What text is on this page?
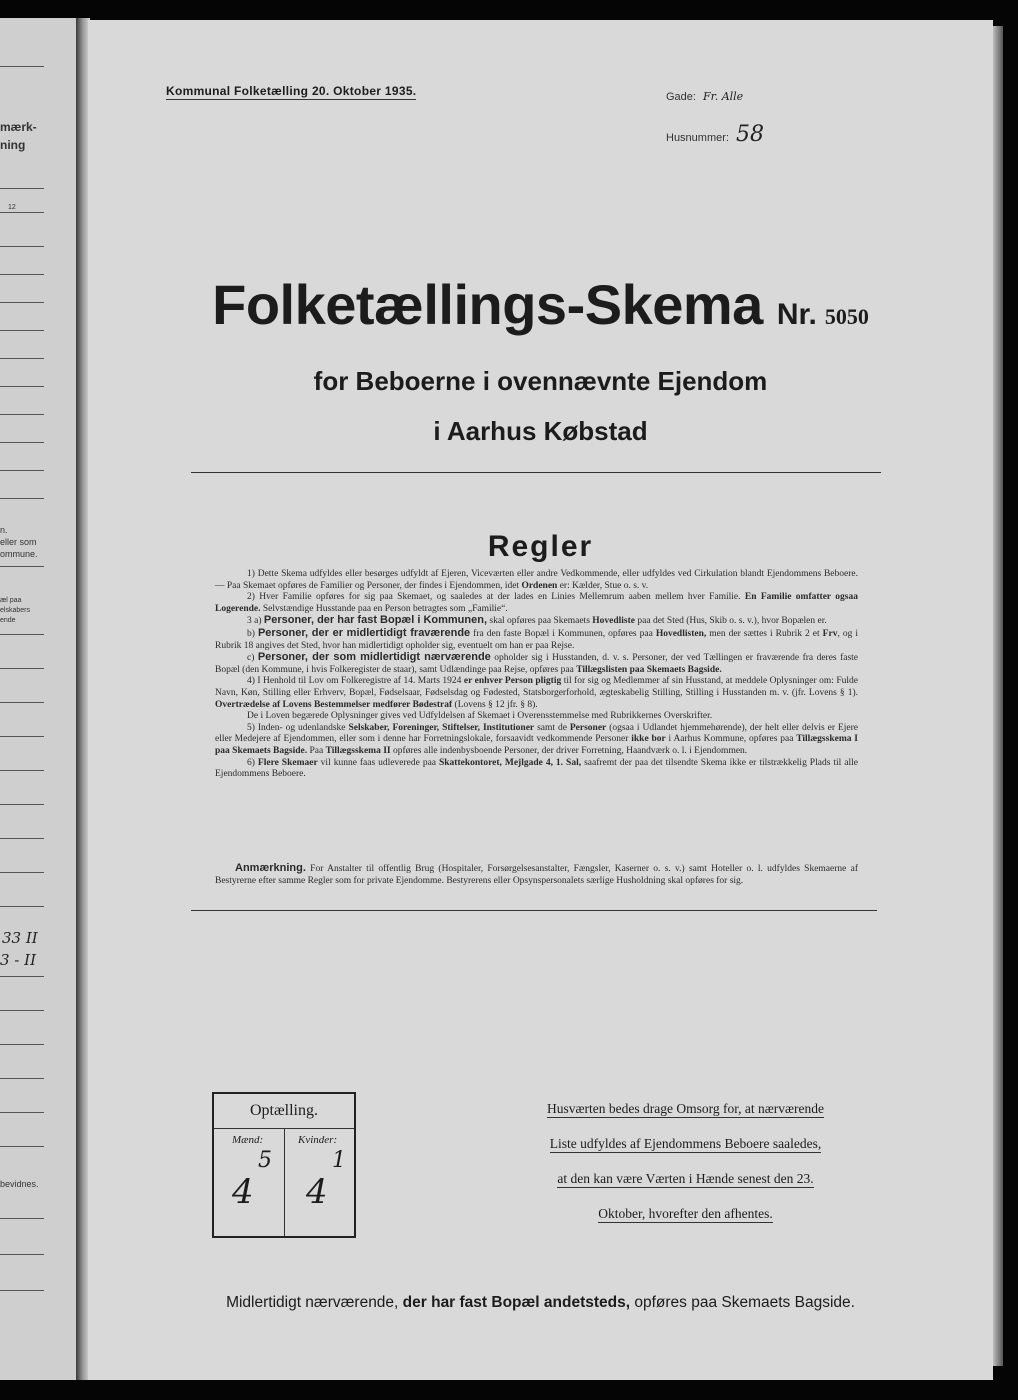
mærk-
ning
12
n.
eller som
ommune.
æl paa
elskabers
ende
33 II
3 - II
bevidnes.
Kommunal Folketælling 20. Oktober 1935.	Gade: Fr. Alle
Husnummer: 58
Folketællings-Skema Nr. 5050
for Beboerne i ovennævnte Ejendom
i Aarhus Købstad
Regler

1) Dette Skema udfyldes eller besørges udfyldt af Ejeren, Viceværten eller andre Vedkommende, eller udfyldes ved Cirkulation blandt Ejendommens Beboere. — Paa Skemaet opføres de Familier og Personer, der findes i Ejendommen, idet Ordenen er: Kælder, Stue o. s. v.

2) Hver Familie opføres for sig paa Skemaet, og saaledes at der lades en Linies Mellemrum aaben mellem hver Familie. En Familie omfatter ogsaa Logerende. Selvstændige Husstande paa en Person betragtes som „Familie“.

3 a) Personer, der har fast Bopæl i Kommunen, skal opføres paa Skemaets Hovedliste paa det Sted (Hus, Skib o. s. v.), hvor Bopælen er.

b) Personer, der er midlertidigt fraværende fra den faste Bopæl i Kommunen, opføres paa Hovedlisten, men der sættes i Rubrik 2 et Frv, og i Rubrik 18 angives det Sted, hvor han midlertidigt opholder sig, eventuelt om han er paa Rejse.

c) Personer, der som midlertidigt nærværende opholder sig i Husstanden, d. v. s. Personer, der ved Tællingen er fraværende fra deres faste Bopæl (den Kommune, i hvis Folkeregister de staar), samt Udlændinge paa Rejse, opføres paa Tillægslisten paa Skemaets Bagside.

4) I Henhold til Lov om Folkeregistre af 14. Marts 1924 er enhver Person pligtig til for sig og Medlemmer af sin Husstand, at meddele Oplysninger om: Fulde Navn, Køn, Stilling eller Erhverv, Bopæl, Fødselsaar, Fødselsdag og Fødested, Statsborgerforhold, ægteskabelig Stilling, Stilling i Husstanden m. v. (jfr. Lovens § 1). Overtrædelse af Lovens Bestemmelser medfører Bødestraf (Lovens § 12 jfr. § 8).

De i Loven begærede Oplysninger gives ved Udfyldelsen af Skemaet i Overensstemmelse med Rubrikkernes Overskrifter.

5) Inden- og udenlandske Selskaber, Foreninger, Stiftelser, Institutioner samt de Personer (ogsaa i Udlandet hjemmehørende), der helt eller delvis er Ejere eller Medejere af Ejendommen, eller som i denne har Forretningslokale, forsaavidt vedkommende Personer ikke bor i Aarhus Kommune, opføres paa Tillægsskema I paa Skemaets Bagside. Paa Tillægsskema II opføres alle indenbysboende Personer, der driver Forretning, Haandværk o. l. i Ejendommen.

6) Flere Skemaer vil kunne faas udleverede paa Skattekontoret, Mejlgade 4, 1. Sal, saafremt der paa det tilsendte Skema ikke er tilstrækkelig Plads til alle Ejendommens Beboere.

Anmærkning. For Anstalter til offentlig Brug (Hospitaler, Forsørgelsesanstalter, Fængsler, Kaserner o. s. v.) samt Hoteller o. l. udfyldes Skemaerne af Bestyrerne efter samme Regler som for private Ejendomme. Bestyrerens eller Opsynspersonalets særlige Husholdning skal opføres for sig.

Optælling.
Mænd:	Kvinder:
4
5
4
1
Husværten bedes drage Omsorg for, at nærværende
Liste udfyldes af Ejendommens Beboere saaledes,
at den kan være Værten i Hænde senest den 23.
Oktober, hvorefter den afhentes.
Midlertidigt nærværende, der har fast Bopæl andetsteds, opføres paa Skemaets Bagside.
